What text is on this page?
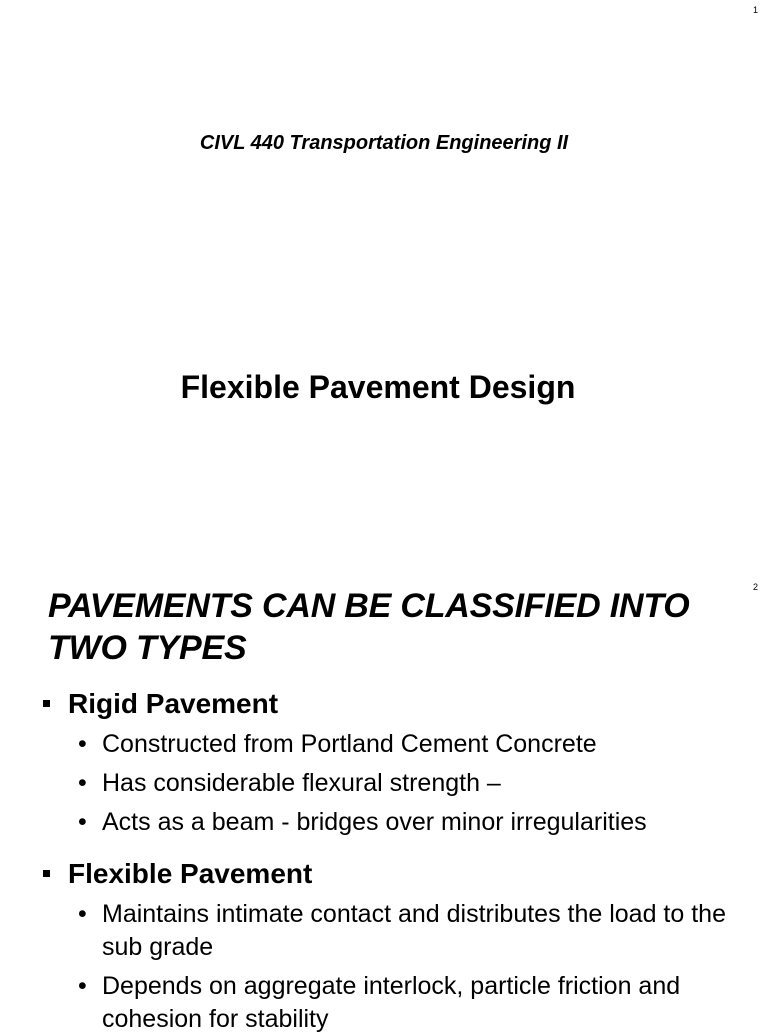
1
CIVL 440 Transportation Engineering II
Flexible Pavement Design
2
PAVEMENTS CAN BE CLASSIFIED INTO
TWO TYPES
Rigid Pavement
• Constructed from Portland Cement Concrete
• Has considerable flexural strength –
• Acts as a beam - bridges over minor irregularities
Flexible Pavement
• Maintains intimate contact and distributes the load to the sub grade
• Depends on aggregate interlock, particle friction and cohesion for stability
